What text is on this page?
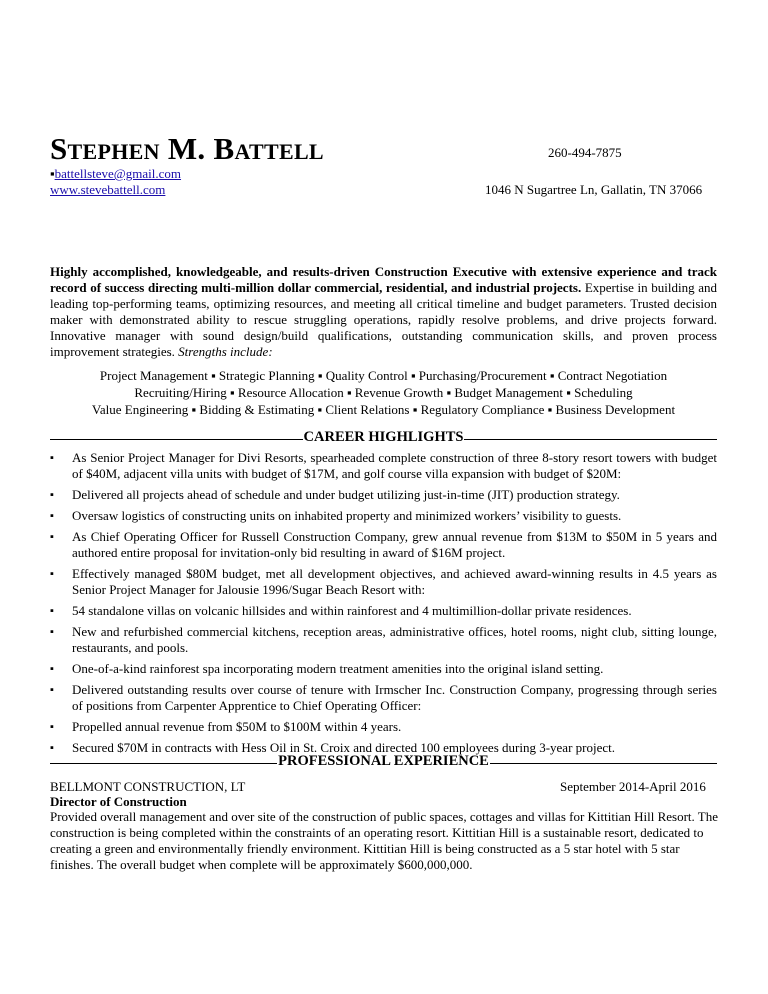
Stephen M. Battell	260-494-7875
▪battellsteve@gmail.com
www.stevebattell.com	1046 N Sugartree Ln, Gallatin, TN 37066
Highly accomplished, knowledgeable, and results-driven Construction Executive with extensive experience and track record of success directing multi-million dollar commercial, residential, and industrial projects. Expertise in building and leading top-performing teams, optimizing resources, and meeting all critical timeline and budget parameters. Trusted decision maker with demonstrated ability to rescue struggling operations, rapidly resolve problems, and drive projects forward. Innovative manager with sound design/build qualifications, outstanding communication skills, and proven process improvement strategies. Strengths include:
Project Management ▪ Strategic Planning ▪ Quality Control ▪ Purchasing/Procurement ▪ Contract Negotiation
Recruiting/Hiring ▪ Resource Allocation ▪ Revenue Growth ▪ Budget Management ▪ Scheduling
Value Engineering ▪ Bidding & Estimating ▪ Client Relations ▪ Regulatory Compliance ▪ Business Development
CAREER HIGHLIGHTS
▪ As Senior Project Manager for Divi Resorts, spearheaded complete construction of three 8-story resort towers with budget of $40M, adjacent villa units with budget of $17M, and golf course villa expansion with budget of $20M:
▪ Delivered all projects ahead of schedule and under budget utilizing just-in-time (JIT) production strategy.
▪ Oversaw logistics of constructing units on inhabited property and minimized workers’ visibility to guests.
▪ As Chief Operating Officer for Russell Construction Company, grew annual revenue from $13M to $50M in 5 years and authored entire proposal for invitation-only bid resulting in award of $16M project.
▪ Effectively managed $80M budget, met all development objectives, and achieved award-winning results in 4.5 years as Senior Project Manager for Jalousie 1996/Sugar Beach Resort with:
▪ 54 standalone villas on volcanic hillsides and within rainforest and 4 multimillion-dollar private residences.
▪ New and refurbished commercial kitchens, reception areas, administrative offices, hotel rooms, night club, sitting lounge, restaurants, and pools.
▪ One-of-a-kind rainforest spa incorporating modern treatment amenities into the original island setting.
▪ Delivered outstanding results over course of tenure with Irmscher Inc. Construction Company, progressing through series of positions from Carpenter Apprentice to Chief Operating Officer:
▪ Propelled annual revenue from $50M to $100M within 4 years.
▪ Secured $70M in contracts with Hess Oil in St. Croix and directed 100 employees during 3-year project.
PROFESSIONAL EXPERIENCE
BELLMONT CONSTRUCTION, LT	September 2014-April 2016
Director of Construction
Provided overall management and over site of the construction of public spaces, cottages and villas for Kittitian Hill Resort. The construction is being completed within the constraints of an operating resort. Kittitian Hill is a sustainable resort, dedicated to creating a green and environmentally friendly environment. Kittitian Hill is being constructed as a 5 star hotel with 5 star finishes. The overall budget when complete will be approximately $600,000,000.
